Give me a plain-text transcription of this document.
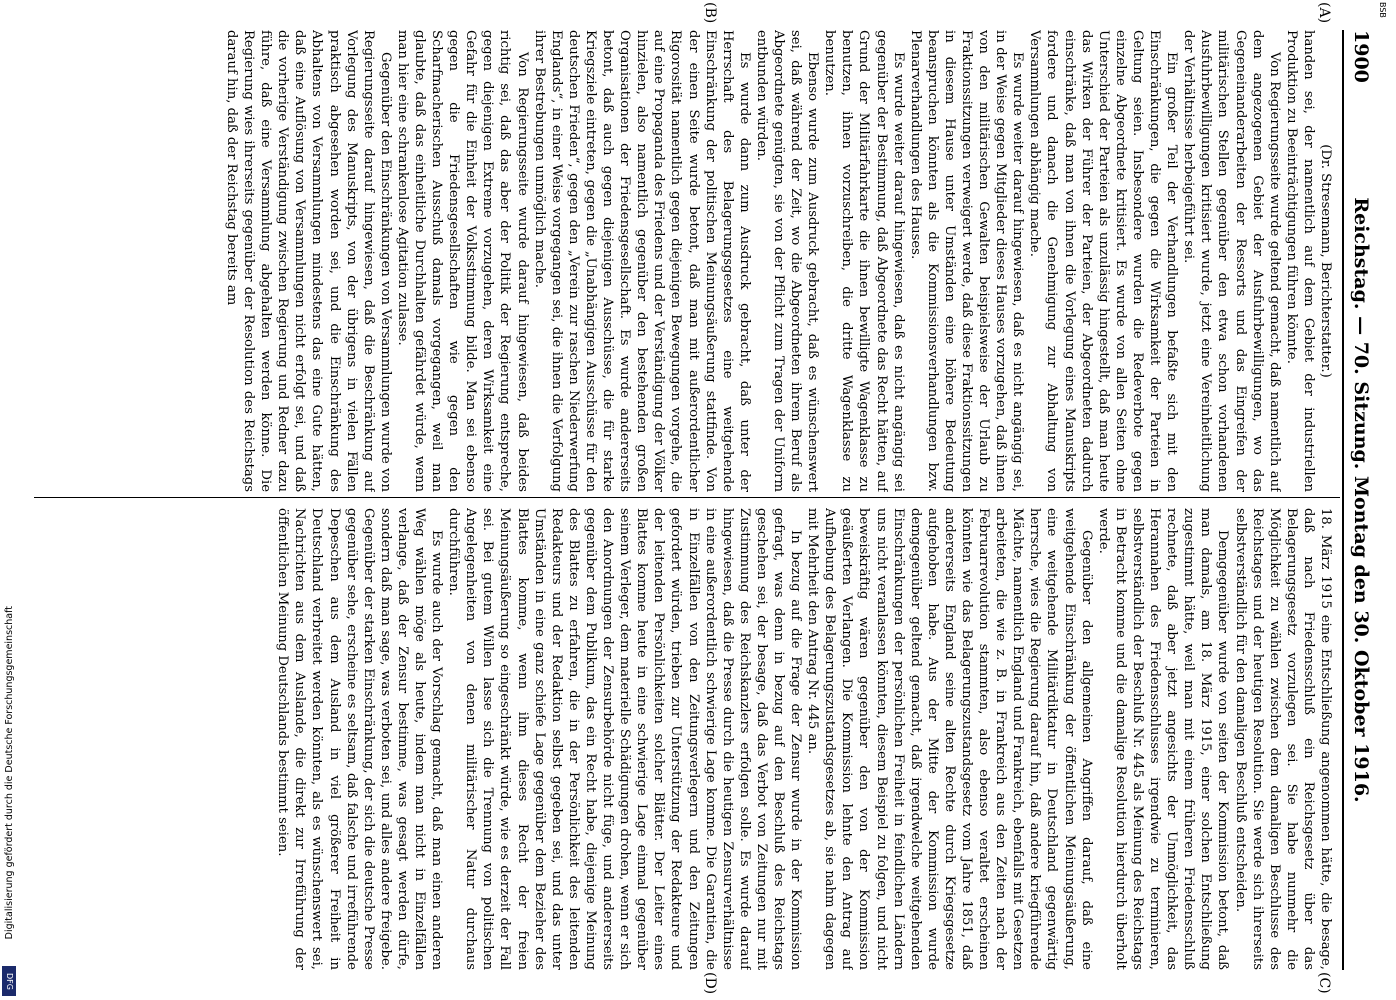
BSB
Digitalisierung gefördert durch die Deutsche Forschungsgemeinschaft
DFG
1900
Reichstag. — 70. Sitzung. Montag den 30. Oktober 1916.
(A)
(B)
(C)
(D)

(Dr. Stresemann, Berichterstatter.)

handen sei, der namentlich auf dem Gebiet der industriellen Produktion zu Beeinträchtigungen führen könnte.

Von Regierungsseite wurde geltend gemacht, daß namentlich auf dem angezogenen Gebiet der Ausfuhrbewilligungen, wo das Gegeneinanderarbeiten der Ressorts und das Eingreifen der militärischen Stellen gegenüber den etwa schon vorhandenen Ausfuhrbewilligungen kritisiert wurde, jetzt eine Vereinheitlichung der Verhältnisse herbeigeführt sei.

Ein großer Teil der Verhandlungen befaßte sich mit den Einschränkungen, die gegen die Wirksamkeit der Parteien in Geltung seien. Insbesondere wurden die Redeverbote gegen einzelne Abgeordnete kritisiert. Es wurde von allen Seiten ohne Unterschied der Parteien als unzulässig hingestellt, daß man heute das Wirken der Führer der Parteien, der Abgeordneten dadurch einschränke, daß man von ihnen die Vorlegung eines Manuskripts fordere und danach die Genehmigung zur Abhaltung von Versammlungen abhängig mache.

Es wurde weiter darauf hingewiesen, daß es nicht angängig sei, in der Weise gegen Mitglieder dieses Hauses vorzugehen, daß ihnen von den militärischen Gewalten beispielsweise der Urlaub zu Fraktionssitzungen verweigert werde, daß diese Fraktionssitzungen in diesem Hause unter Umständen eine höhere Bedeutung beanspruchen könnten als die Kommissionsverhandlungen bzw. Plenarverhandlungen des Hauses.

Es wurde weiter darauf hingewiesen, daß es nicht angängig sei gegenüber der Bestimmung, daß Abgeordnete das Recht hätten, auf Grund der Militärfahrkarte die ihnen bewilligte Wagenklasse zu benutzen, ihnen vorzuschreiben, die dritte Wagenklasse zu benutzen.

Ebenso wurde zum Ausdruck gebracht, daß es wünschenswert sei, daß während der Zeit, wo die Abgeordneten ihrem Beruf als Abgeordnete genügten, sie von der Pflicht zum Tragen der Uniform entbunden würden.

Es wurde dann zum Ausdruck gebracht, daß unter der Herrschaft des Belagerungsgesetzes eine weitgehende Einschränkung der politischen Meinungsäußerung stattfinde. Von der einen Seite wurde betont, daß man mit außerordentlicher Rigorosität namentlich gegen diejenigen Bewegungen vorgehe, die auf eine Propaganda des Friedens und der Verständigung der Völker hinzielen, also namentlich gegenüber den bestehenden großen Organisationen der Friedensgesellschaft. Es wurde andererseits betont, daß auch gegen diejenigen Ausschüsse, die für starke Kriegsziele eintreten, gegen die „Unabhängigen Ausschüsse für den deutschen Frieden“, gegen den „Verein zur raschen Niederwerfung Englands“, in einer Weise vorgegangen sei, die ihnen die Verfolgung ihrer Bestrebungen unmöglich mache.

Von Regierungsseite wurde darauf hingewiesen, daß beides richtig sei, daß das aber der Politik der Regierung entspreche, gegen diejenigen Extreme vorzugehen, deren Wirksamkeit eine Gefahr für die Einheit der Volksstimmung bilde. Man sei ebenso gegen die Friedensgesellschaften wie gegen den Scharfmacherischen Ausschuß damals vorgegangen, weil man glaubte, daß das einheitliche Durchhalten gefährdet würde, wenn man hier eine schrankenlose Agitation zulasse.

Gegenüber den Einschränkungen von Versammlungen wurde von Regierungsseite darauf hingewiesen, daß die Beschränkung auf Vorlegung des Manuskripts, von der übrigens in vielen Fällen praktisch abgesehen worden sei, und die Einschränkung des Abhaltens von Versammlungen mindestens das eine Gute hätten, daß eine Auflösung von Versammlungen nicht erfolgt sei, und daß die vorherige Verständigung zwischen Regierung und Redner dazu führe, daß eine Versammlung abgehalten werden könne. Die Regierung wies ihrerseits gegenüber der Resolution des Reichstags darauf hin, daß der Reichstag bereits am

18. März 1915 eine Entschließung angenommen hätte, die besage, daß nach Friedensschluß ein Reichsgesetz über das Belagerungsgesetz vorzulegen sei. Sie habe nunmehr die Möglichkeit zu wählen zwischen dem damaligen Beschlusse des Reichstages und der heutigen Resolution. Sie werde sich ihrerseits selbstverständlich für den damaligen Beschluß entscheiden.

Demgegenüber wurde von seiten der Kommission betont, daß man damals, am 18. März 1915, einer solchen Entschließung zugestimmt hätte, weil man mit einem früheren Friedensschluß rechnete, daß aber jetzt angesichts der Unmöglichkeit, das Herannahen des Friedensschlusses irgendwie zu terminieren, selbstverständlich der Beschluß Nr. 445 als Meinung des Reichstags in Betracht komme und die damalige Resolution hierdurch überholt werde.

Gegenüber den allgemeinen Angriffen darauf, daß eine weitgehende Einschränkung der öffentlichen Meinungsäußerung, eine weitgehende Militärdiktatur in Deutschland gegenwärtig herrsche, wies die Regierung darauf hin, daß andere kriegführende Mächte, namentlich England und Frankreich, ebenfalls mit Gesetzen arbeiteten, die wie z. B. in Frankreich aus den Zeiten nach der Februarrevolution stammten, also ebenso veraltet erscheinen könnten wie das Belagerungszustandsgesetz vom Jahre 1851, daß andererseits England seine alten Rechte durch Kriegsgesetze aufgehoben habe. Aus der Mitte der Kommission wurde demgegenüber geltend gemacht, daß irgendwelche weitgehenden Einschränkungen der persönlichen Freiheit in feindlichen Ländern uns nicht veranlassen könnten, diesem Beispiel zu folgen, und nicht beweiskräftig wären gegenüber den von der Kommission geäußerten Verlangen. Die Kommission lehnte den Antrag auf Aufhebung des Belagerungszustandsgesetzes ab, sie nahm dagegen mit Mehrheit den Antrag Nr. 445 an.

In bezug auf die Frage der Zensur wurde in der Kommission gefragt, was denn in bezug auf den Beschluß des Reichstags geschehen sei, der besage, daß das Verbot von Zeitungen nur mit Zustimmung des Reichskanzlers erfolgen solle. Es wurde darauf hingewiesen, daß die Presse durch die heutigen Zensurverhältnisse in eine außerordentlich schwierige Lage komme. Die Garantien, die in Einzelfällen von den Zeitungsverlegern und den Zeitungen gefordert würden, trieben zur Unterstützung der Redakteure und der leitenden Persönlichkeiten solcher Blätter. Der Leiter eines Blattes komme heute in eine schwierige Lage einmal gegenüber seinem Verleger, dem materielle Schädigungen drohen, wenn er sich den Anordnungen der Zensurbehörde nicht füge, und andererseits gegenüber dem Publikum, das ein Recht habe, diejenige Meinung des Blattes zu erfahren, die in der Persönlichkeit des leitenden Redakteurs und der Redaktion selbst gegeben sei, und das unter Umständen in eine ganz schiefe Lage gegenüber dem Bezieher des Blattes komme, wenn ihm dieses Recht der freien Meinungsäußerung so eingeschränkt würde, wie es derzeit der Fall sei. Bei gutem Willen lasse sich die Trennung von politischen Angelegenheiten von denen militärischer Natur durchaus durchführen.

Es wurde auch der Vorschlag gemacht, daß man einen anderen Weg wählen möge als heute, indem man nicht in Einzelfällen verlange, daß der Zensur bestimme, was gesagt werden dürfe, sondern daß man sage, was verboten sei, und alles andere freigebe. Gegenüber der starken Einschränkung, der sich die deutsche Presse gegenüber sehe, erscheine es seltsam, daß falsche und irreführende Depeschen aus dem Ausland in viel größerer Freiheit in Deutschland verbreitet werden könnten, als es wünschenswert sei, Nachrichten aus dem Auslande, die direkt zur Irreführung der öffentlichen Meinung Deutschlands bestimmt seien.
